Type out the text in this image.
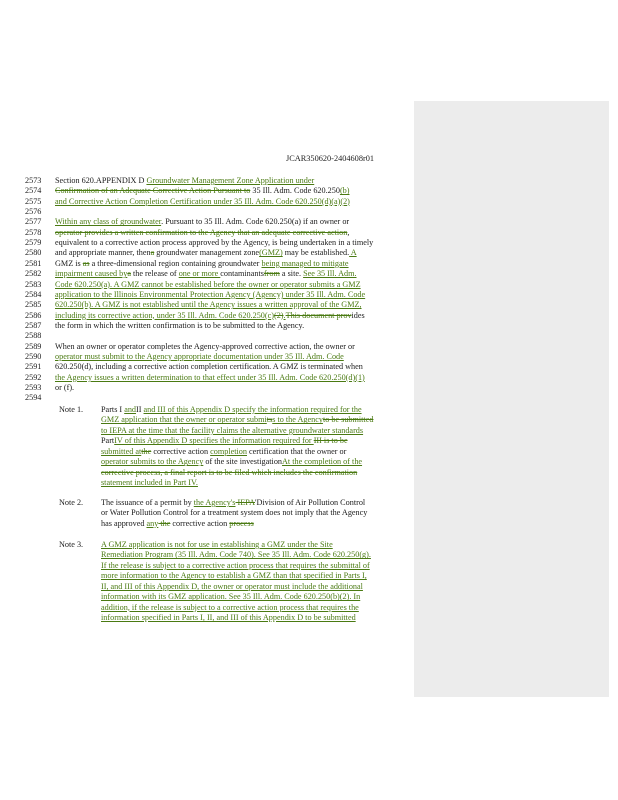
JCAR350620-2404608r01
2573	Section 620.APPENDIX D Groundwater Management Zone Application under
2574	Confirmation of an Adequate Corrective Action Pursuant to 35 Ill. Adm. Code 620.250(b)
2575	and Corrective Action Completion Certification under 35 Ill. Adm. Code 620.250(d)(a)(2)
2576
2577	Within any class of groundwater. Pursuant to 35 Ill. Adm. Code 620.250(a) if an owner or
2578	operator provides a written confirmation to the Agency that an adequate corrective action,
2579	equivalent to a corrective action process approved by the Agency, is being undertaken in a timely
2580	and appropriate manner, thena groundwater management zone(GMZ) may be established. A
2581	GMZ is as a three-dimensional region containing groundwater being managed to mitigate
2582	impairment caused bya the release of one or more contaminantsfrom a site. See 35 Ill. Adm.
2583	Code 620.250(a). A GMZ cannot be established before the owner or operator submits a GMZ
2584	application to the Illinois Environmental Protection Agency (Agency) under 35 Ill. Adm. Code
2585	620.250(b). A GMZ is not established until the Agency issues a written approval of the GMZ,
2586	including its corrective action, under 35 Ill. Adm. Code 620.250(c)(2).This document provides
2587	the form in which the written confirmation is to be submitted to the Agency.
2588
2589	When an owner or operator completes the Agency-approved corrective action, the owner or
2590	operator must submit to the Agency appropriate documentation under 35 Ill. Adm. Code
2591	620.250(d), including a corrective action completion certification. A GMZ is terminated when
2592	the Agency issues a written determination to that effect under 35 Ill. Adm. Code 620.250(d)(1)
2593	or (f).
2594
Note 1. Parts I andII and III of this Appendix D specify the information required for the
GMZ application that the owner or operator submitss to the Agencyto be submitted
to IEPA at the time that the facility claims the alternative groundwater standards
PartIV of this Appendix D specifies the information required for III is to be
submitted atthe corrective action completion certification that the owner or
operator submits to the Agency of the site investigationAt the completion of the
corrective process, a final report is to be filed which includes the confirmation
statement included in Part IV.
Note 2. The issuance of a permit by the Agency's IEPA'Division of Air Pollution Control
or Water Pollution Control for a treatment system does not imply that the Agency
has approved any the corrective action process
Note 3. A GMZ application is not for use in establishing a GMZ under the Site
Remediation Program (35 Ill. Adm. Code 740). See 35 Ill. Adm. Code 620.250(g).
If the release is subject to a corrective action process that requires the submittal of
more information to the Agency to establish a GMZ than that specified in Parts I,
II, and III of this Appendix D, the owner or operator must include the additional
information with its GMZ application. See 35 Ill. Adm. Code 620.250(b)(2). In
addition, if the release is subject to a corrective action process that requires the
information specified in Parts I, II, and III of this Appendix D to be submitted
